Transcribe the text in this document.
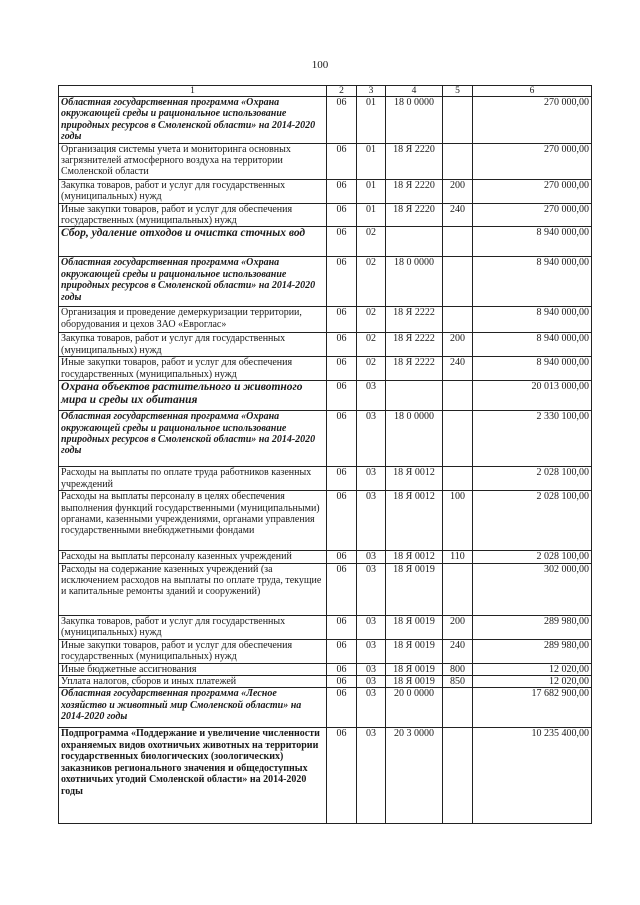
100
1	2	3	4	5	6
Областная государственная программа «Охрана окружающей среды и рациональное использование природных ресурсов в Смоленской области» на 2014-2020 годы	06	01	18 0 0000		270 000,00
Организация системы учета и мониторинга основных загрязнителей атмосферного воздуха на территории Смоленской области	06	01	18 Я 2220		270 000,00
Закупка товаров, работ и услуг для государственных (муниципальных) нужд	06	01	18 Я 2220	200	270 000,00
Иные закупки товаров, работ и услуг для обеспечения государственных (муниципальных) нужд	06	01	18 Я 2220	240	270 000,00
Сбор, удаление отходов и очистка сточных вод	06	02			8 940 000,00
Областная государственная программа «Охрана окружающей среды и рациональное использование природных ресурсов в Смоленской области» на 2014-2020 годы	06	02	18 0 0000		8 940 000,00
Организация и проведение демеркуризации территории, оборудования и цехов ЗАО «Евроглас»	06	02	18 Я 2222		8 940 000,00
Закупка товаров, работ и услуг для государственных (муниципальных) нужд	06	02	18 Я 2222	200	8 940 000,00
Иные закупки товаров, работ и услуг для обеспечения государственных (муниципальных) нужд	06	02	18 Я 2222	240	8 940 000,00
Охрана объектов растительного и животного мира и среды их обитания	06	03			20 013 000,00
Областная государственная программа «Охрана окружающей среды и рациональное использование природных ресурсов в Смоленской области» на 2014-2020 годы	06	03	18 0 0000		2 330 100,00
Расходы на выплаты по оплате труда работников казенных учреждений	06	03	18 Я 0012		2 028 100,00
Расходы на выплаты персоналу в целях обеспечения выполнения функций государственными (муниципальными) органами, казенными учреждениями, органами управления государственными внебюджетными фондами	06	03	18 Я 0012	100	2 028 100,00
Расходы на выплаты персоналу казенных учреждений	06	03	18 Я 0012	110	2 028 100,00
Расходы на содержание казенных учреждений (за исключением расходов на выплаты по оплате труда, текущие и капитальные ремонты зданий и сооружений)	06	03	18 Я 0019		302 000,00
Закупка товаров, работ и услуг для государственных (муниципальных) нужд	06	03	18 Я 0019	200	289 980,00
Иные закупки товаров, работ и услуг для обеспечения государственных (муниципальных) нужд	06	03	18 Я 0019	240	289 980,00
Иные бюджетные ассигнования	06	03	18 Я 0019	800	12 020,00
Уплата налогов, сборов и иных платежей	06	03	18 Я 0019	850	12 020,00
Областная государственная программа «Лесное хозяйство и животный мир Смоленской области» на 2014-2020 годы	06	03	20 0 0000		17 682 900,00
Подпрограмма «Поддержание и увеличение численности охраняемых видов охотничьих животных на территории государственных биологических (зоологических) заказников регионального значения и общедоступных охотничьих угодий Смоленской области» на 2014-2020 годы	06	03	20 3 0000		10 235 400,00
